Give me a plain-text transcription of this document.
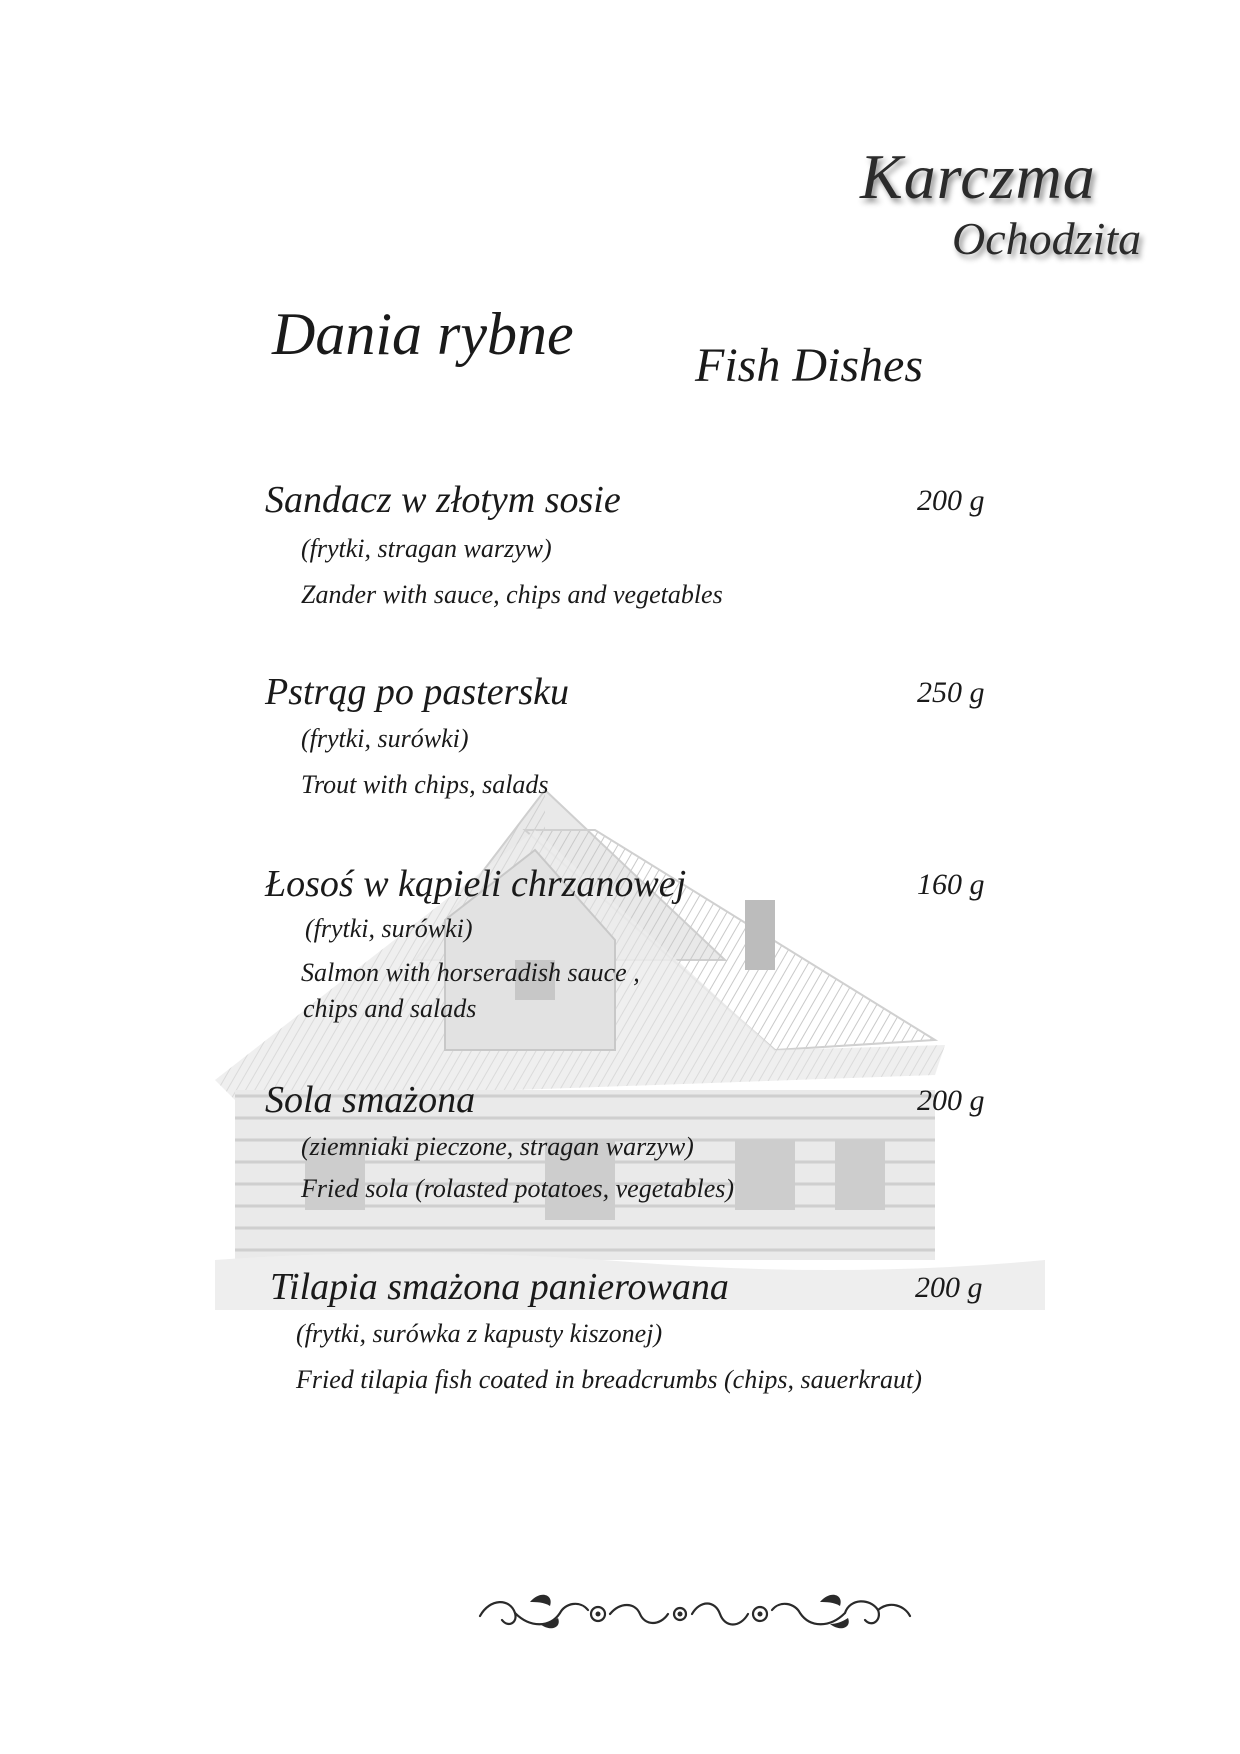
Karczma
Ochodzita
Dania rybne	Fish Dishes
Sandacz w złotym sosie	200 g
(frytki, stragan warzyw)
Zander with sauce, chips and vegetables
Pstrąg po pastersku	250 g
(frytki, surówki)
Trout with chips, salads
Łosoś w kąpieli chrzanowej	160 g
(frytki, surówki)
Salmon with horseradish sauce ,
chips and salads
Sola smażona	200 g
(ziemniaki pieczone, stragan warzyw)
Fried sola (rolasted potatoes, vegetables)
Tilapia smażona panierowana	200 g
(frytki, surówka z kapusty kiszonej)
Fried tilapia fish coated in breadcrumbs (chips, sauerkraut)
